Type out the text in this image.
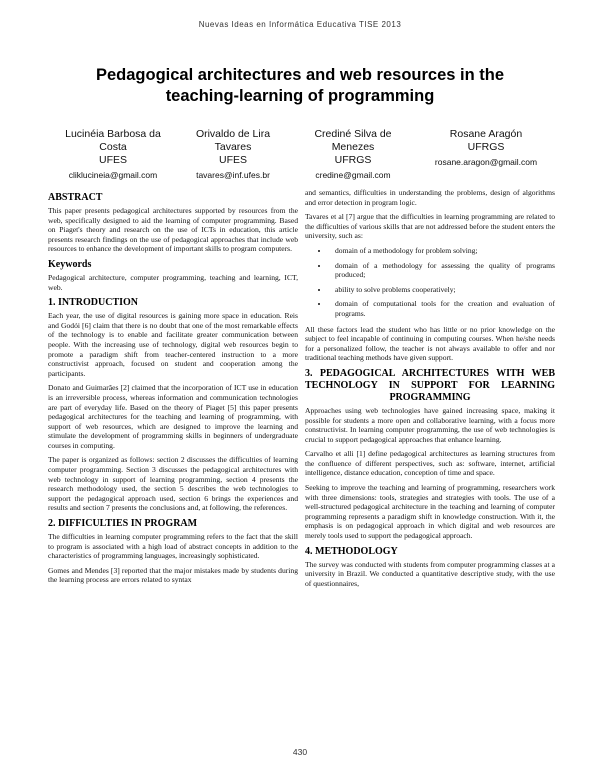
Nuevas Ideas en Informática Educativa TISE 2013
Pedagogical architectures and web resources in the teaching-learning of programming
Lucinéia Barbosa da Costa
UFES
cliklucineia@gmail.com
Orivaldo de Lira Tavares
UFES
tavares@inf.ufes.br
Crediné Silva de Menezes
UFRGS
credine@gmail.com
Rosane Aragón
UFRGS
rosane.aragon@gmail.com
ABSTRACT

This paper presents pedagogical architectures supported by resources from the web, specifically designed to aid the learning of computer programming. Based on Piaget's theory and research on the use of ICTs in education, this article presents research findings on the use of pedagogical approaches that include web resources to enhance the development of important skills to program computers.

Keywords

Pedagogical architecture, computer programming, teaching and learning, ICT, web.

1. INTRODUCTION

Each year, the use of digital resources is gaining more space in education. Reis and Godói [6] claim that there is no doubt that one of the most remarkable effects of the technology is to enable and facilitate greater communication between people. With the increasing use of technology, digital web resources begin to promote a paradigm shift from teacher-centered instruction to a more constructivist approach, focused on student and cooperation among the participants.

Donato and Guimarães [2] claimed that the incorporation of ICT use in education is an irreversible process, whereas information and communication technologies are part of everyday life. Based on the theory of Piaget [5] this paper presents pedagogical architectures for the teaching and learning of programming, with support of web resources, which are designed to improve the learning and stimulate the development of programming skills in beginners of undergraduate courses in computing.

The paper is organized as follows: section 2 discusses the difficulties of learning computer programming. Section 3 discusses the pedagogical architectures with web technology in support of learning programming, section 4 presents the research methodology used, the section 5 describes the web technologies to support the pedagogical approach used, section 6 brings the experiences and results and section 7 presents the conclusions and, at following, the references.

2. DIFFICULTIES IN PROGRAM

The difficulties in learning computer programming refers to the fact that the skill to program is associated with a high load of abstract concepts in addition to the characteristics of programming languages, increasingly sophisticated.

Gomes and Mendes [3] reported that the major mistakes made by students during the learning process are errors related to syntax

and semantics, difficulties in understanding the problems, design of algorithms and error detection in program logic.

Tavares et al [7] argue that the difficulties in learning programming are related to the difficulties of various skills that are not addressed before the student enters the university, such as:

• domain of a methodology for problem solving;
• domain of a methodology for assessing the quality of programs produced;
• ability to solve problems cooperatively;
• domain of computational tools for the creation and evaluation of programs.

All these factors lead the student who has little or no prior knowledge on the subject to feel incapable of continuing in computing courses. When he/she needs for a personalized follow, the teacher is not always available to offer and nor traditional teaching methods have given support.

3. PEDAGOGICAL ARCHITECTURES WITH WEB TECHNOLOGY IN SUPPORT FOR LEARNING PROGRAMMING

Approaches using web technologies have gained increasing space, making it possible for students a more open and collaborative learning, with a focus more constructivist. In learning computer programming, the use of web technologies is crucial to support pedagogical approaches that enhance learning.

Carvalho et alli [1] define pedagogical architectures as learning structures from the confluence of different perspectives, such as: software, internet, artificial intelligence, distance education, conception of time and space.

Seeking to improve the teaching and learning of programming, researchers work with three dimensions: tools, strategies and strategies with tools. The use of a well-structured pedagogical architecture in the teaching and learning of computer programming represents a paradigm shift in knowledge construction. With it, the emphasis is on pedagogical approach in which digital and web resources are merely tools used to support the pedagogical approach.

4. METHODOLOGY

The survey was conducted with students from computer programming classes at a university in Brazil. We conducted a quantitative descriptive study, with the use of questionnaires,

430
